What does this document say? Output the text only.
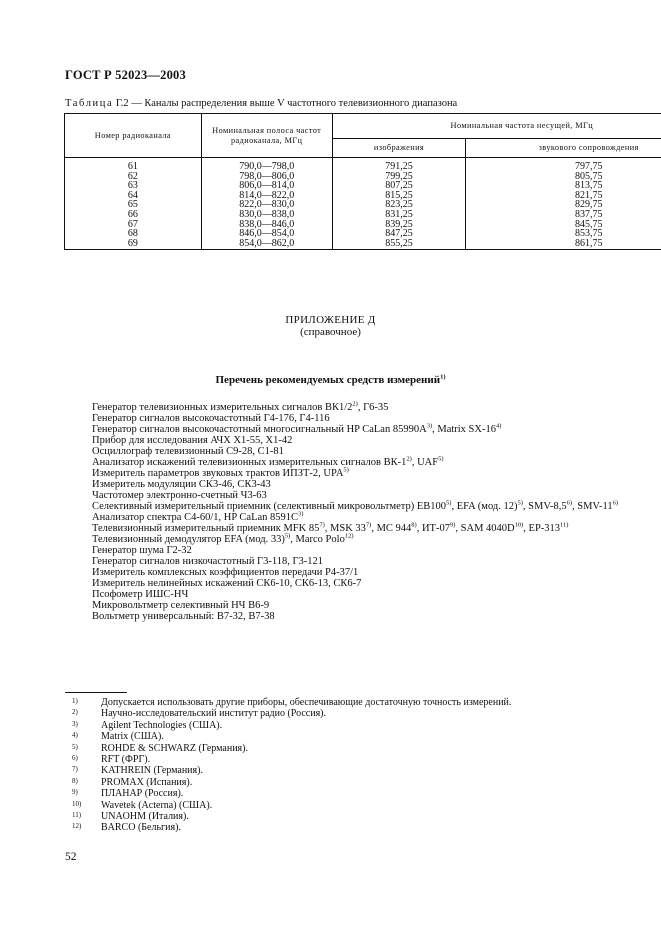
ГОСТ Р 52023—2003
Таблица Г.2 — Каналы распределения выше V частотного телевизионного диапазона
Номер радиоканала	Номинальная полоса частот радиоканала, МГц	Номинальная частота несущей, МГц	
		изображения	звукового сопровождения
61	790,0—798,0	791,25	797,75
62	798,0—806,0	799,25	805,75
63	806,0—814,0	807,25	813,75
64	814,0—822,0	815,25	821,75
65	822,0—830,0	823,25	829,75
66	830,0—838,0	831,25	837,75
67	838,0—846,0	839,25	845,75
68	846,0—854,0	847,25	853,75
69	854,0—862,0	855,25	861,75
ПРИЛОЖЕНИЕ Д
(справочное)
Перечень рекомендуемых средств измерений$^{1)}$
Генератор телевизионных измерительных сигналов ВК1/2$^{2)}$, Г6-35
Генератор сигналов высокочастотный Г4-176, Г4-116
Генератор сигналов высокочастотный многосигнальный HP CaLan $85990A^{3)}$, Matrix SX-16$^{4)}$
Прибор для исследования АЧХ Х1-55, Х1-42
Осциллограф телевизионный С9-28, С1-81
Анализатор искажений телевизионных измерительных сигналов ВК-1$^{2)}$, UAF$^{5)}$
Измеритель параметров звуковых трактов ИПЗТ-2, UPA$^{5)}$
Измеритель модуляции СК3-46, СК3-43
Частотомер электронно-счетный Ч3-63
Селективный измерительный приемник (селективный микровольтметр) EB100$^{5)}$, EFA (мод. 12)$^{5)}$, SMV-8,5$^{6)}$, SMV-11$^{6)}$
Анализатор спектра С4-60/1, HP CaLan $8591C^{3)}$
Телевизионный измерительный приемник MFK 85$^{7)}$, MSK 33$^{7)}$, MC 944$^{8)}$, ИТ-07$^{9)}$, SAM $4040D^{10)}$, EP-313$^{11)}$
Телевизионный демодулятор EFA (мод. 33)$^{5)}$, Marco Polo$^{12)}$
Генератор шума Г2-32
Генератор сигналов низкочастотный Г3-118, Г3-121
Измеритель комплексных коэффициентов передачи Р4-37/1
Измеритель нелинейных искажений СК6-10, СК6-13, СК6-7
Псофометр ИШС-НЧ
Микровольтметр селективный НЧ В6-9
Вольтметр универсальный: В7-32, В7-38
1)	Допускается использовать другие приборы, обеспечивающие достаточную точность измерений.
2)	Научно-исследовательский институт радио (Россия).
3)	Agilent Technologies (США).
4)	Matrix (США).
5)	ROHDE & SCHWARZ (Германия).
6)	RFT (ФРГ).
7)	KATHREIN (Германия).
8)	PROMAX (Испания).
9)	ПЛАНАР (Россия).
10)	Wavetek (Acterna) (США).
11)	UNAOHM (Италия).
12)	BARCO (Бельгия).
52
